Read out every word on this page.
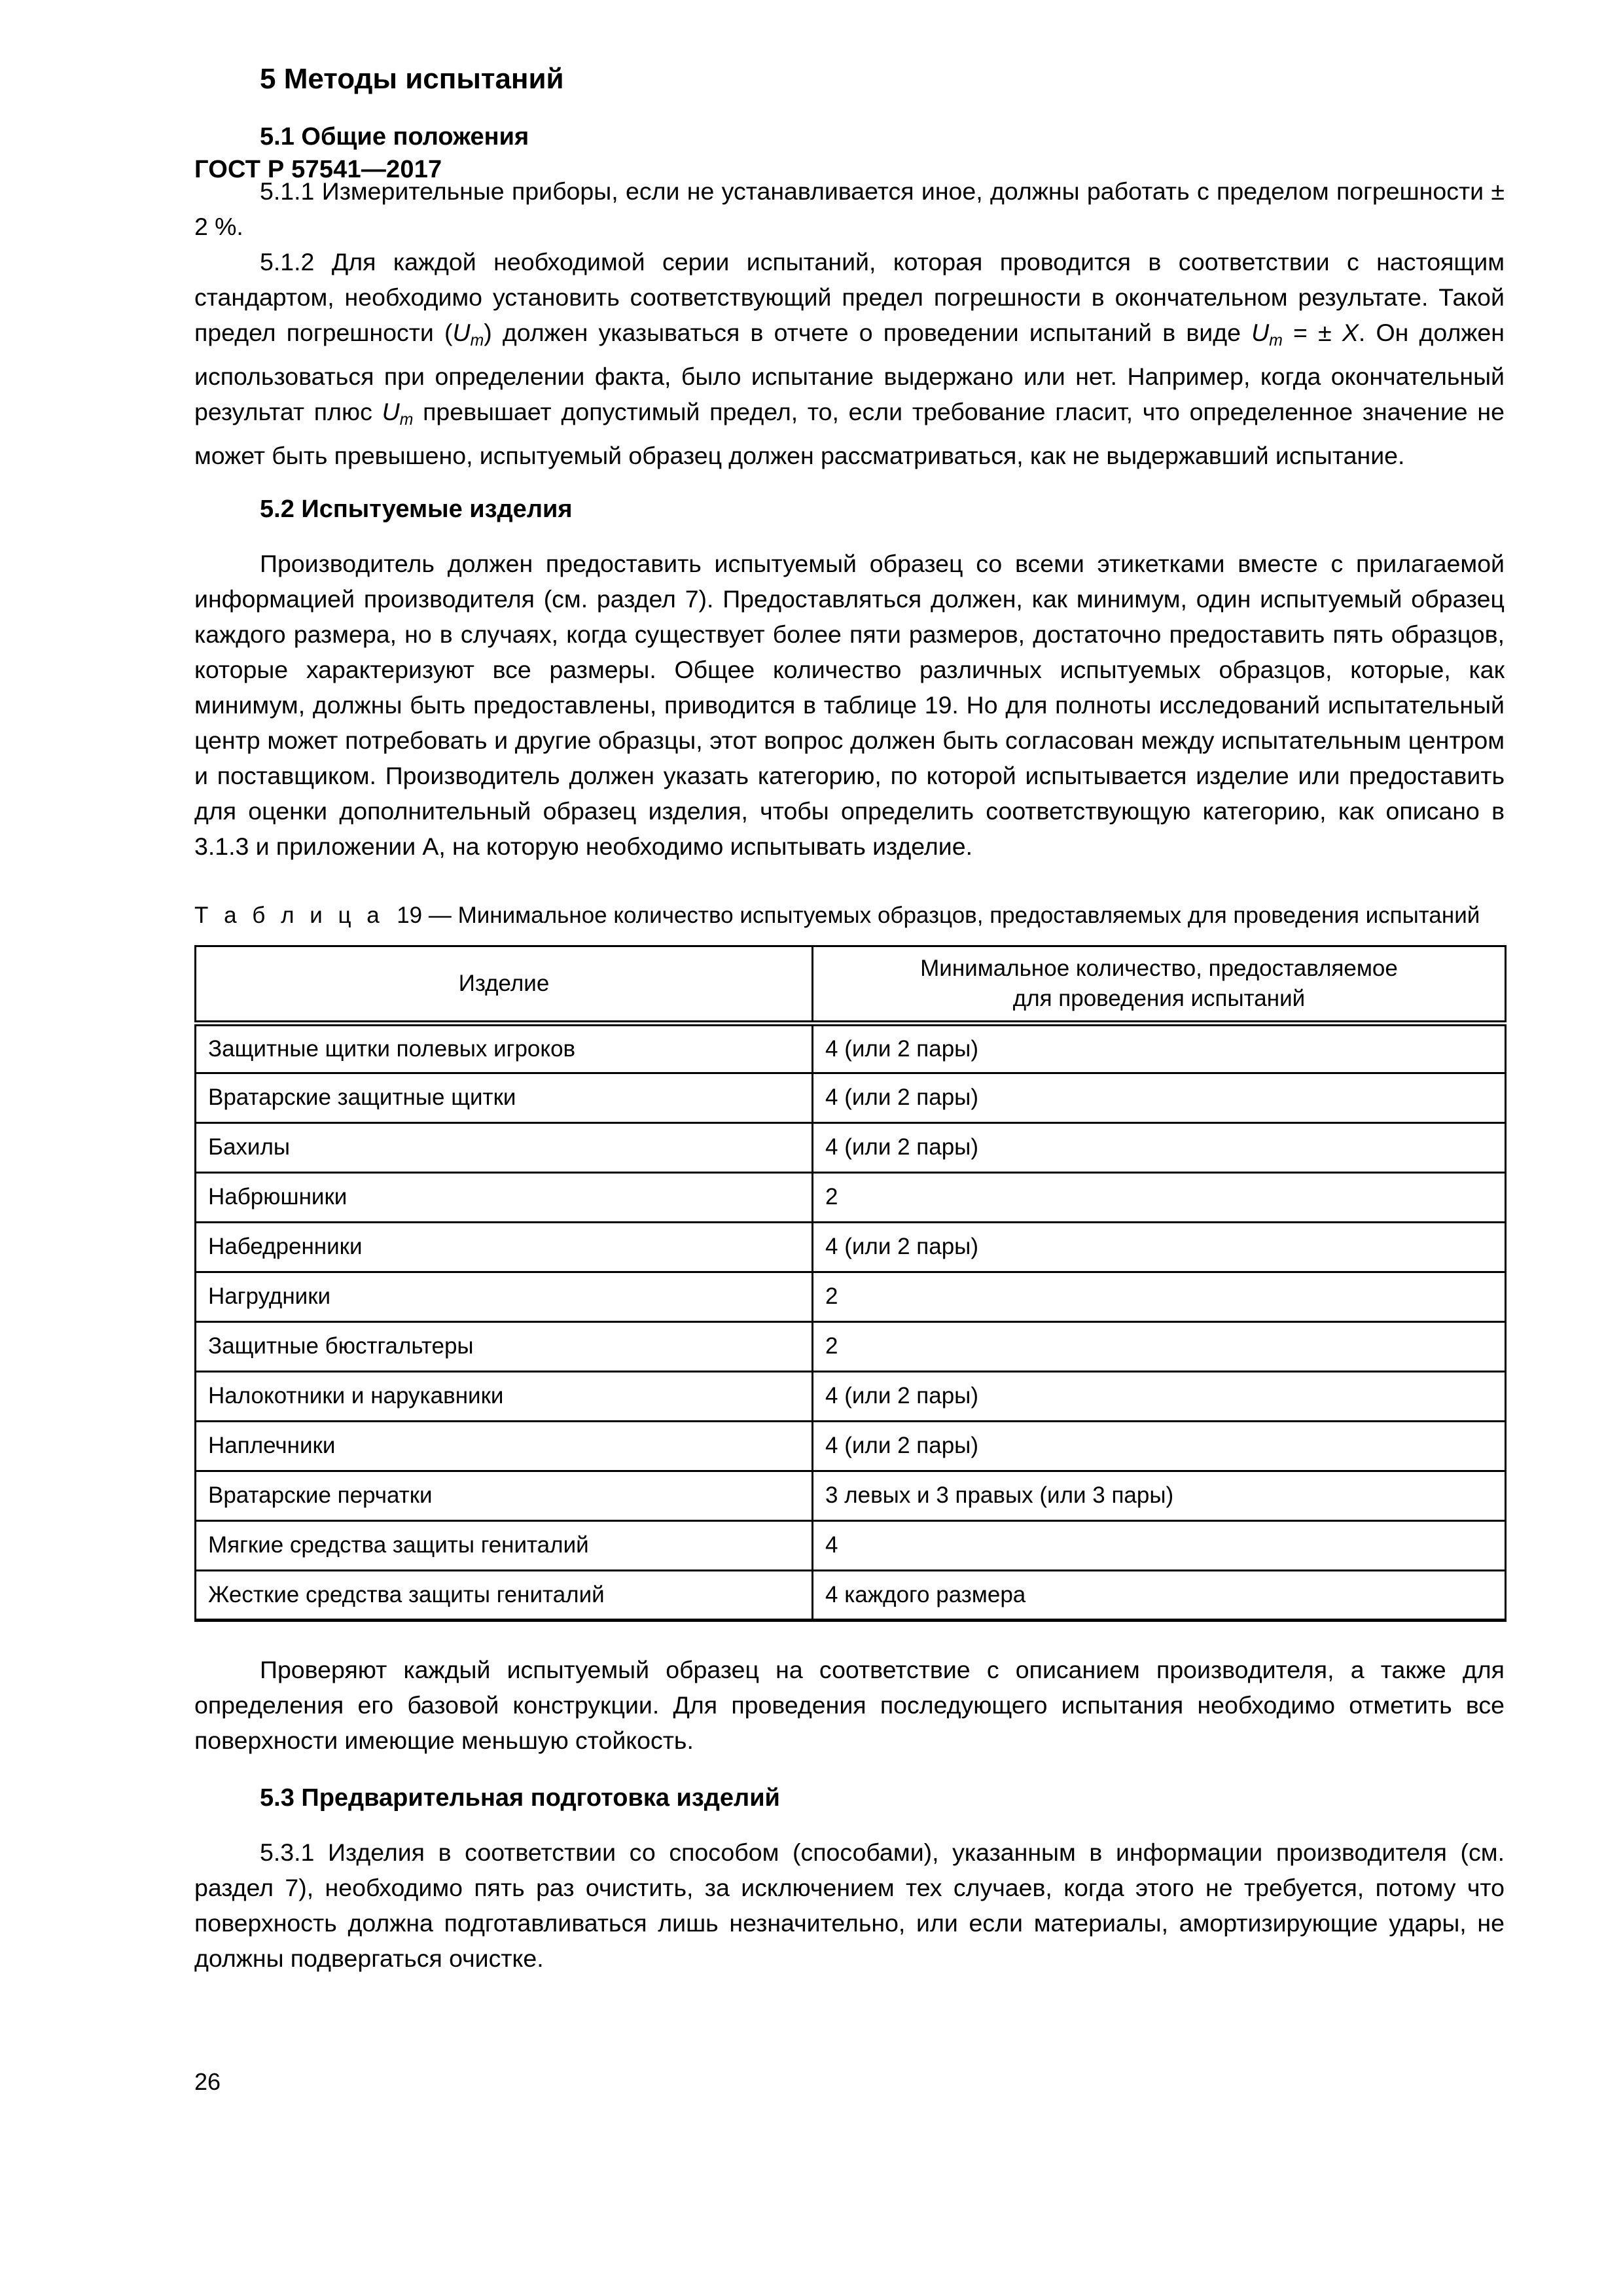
ГОСТ Р 57541—2017
5 Методы испытаний
5.1 Общие положения

5.1.1 Измерительные приборы, если не устанавливается иное, должны работать с пределом погрешности ± 2 %.

5.1.2 Для каждой необходимой серии испытаний, которая проводится в соответствии с настоящим стандартом, необходимо установить соответствующий предел погрешности в окончательном результате. Такой предел погрешности $(U_m)$ должен указываться в отчете о проведении испытаний в виде $U_m$ = ± X. Он должен использоваться при определении факта, было испытание выдержано или нет. Например, когда окончательный результат плюс $U_m$ превышает допустимый предел, то, если требование гласит, что определенное значение не может быть превышено, испытуемый образец должен рассматриваться, как не выдержавший испытание.

5.2 Испытуемые изделия

Производитель должен предоставить испытуемый образец со всеми этикетками вместе с прилагаемой информацией производителя (см. раздел 7). Предоставляться должен, как минимум, один испытуемый образец каждого размера, но в случаях, когда существует более пяти размеров, достаточно предоставить пять образцов, которые характеризуют все размеры. Общее количество различных испытуемых образцов, которые, как минимум, должны быть предоставлены, приводится в таблице 19. Но для полноты исследований испытательный центр может потребовать и другие образцы, этот вопрос должен быть согласован между испытательным центром и поставщиком. Производитель должен указать категорию, по которой испытывается изделие или предоставить для оценки дополнительный образец изделия, чтобы определить соответствующую категорию, как описано в 3.1.3 и приложении А, на которую необходимо испытывать изделие.

Т а б л и ц а 19 — Минимальное количество испытуемых образцов, предоставляемых для проведения испытаний

Изделие	Минимальное количество, предоставляемое
для проведения испытаний

Защитные щитки полевых игроков	4 (или 2 пары)
Вратарские защитные щитки	4 (или 2 пары)
Бахилы	4 (или 2 пары)
Набрюшники	2
Набедренники	4 (или 2 пары)
Нагрудники	2
Защитные бюстгальтеры	2
Налокотники и нарукавники	4 (или 2 пары)
Наплечники	4 (или 2 пары)
Вратарские перчатки	3 левых и 3 правых (или 3 пары)
Мягкие средства защиты гениталий	4
Жесткие средства защиты гениталий	4 каждого размера

Проверяют каждый испытуемый образец на соответствие с описанием производителя, а также для определения его базовой конструкции. Для проведения последующего испытания необходимо отметить все поверхности имеющие меньшую стойкость.

5.3 Предварительная подготовка изделий

5.3.1 Изделия в соответствии со способом (способами), указанным в информации производителя (см. раздел 7), необходимо пять раз очистить, за исключением тех случаев, когда этого не требуется, потому что поверхность должна подготавливаться лишь незначительно, или если материалы, амортизирующие удары, не должны подвергаться очистке.

26
